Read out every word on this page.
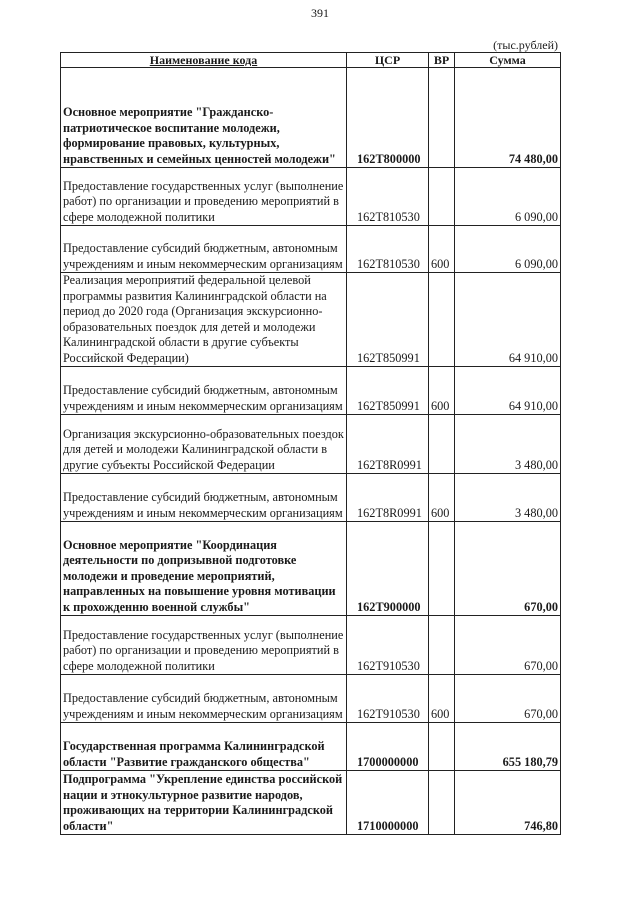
391
(тыс.рублей)
Наименование кода	ЦСР	ВР	Сумма
Основное мероприятие "Гражданско-патриотическое воспитание молодежи, формирование правовых, культурных, нравственных и семейных ценностей молодежи"	162Т800000		74 480,00
Предоставление государственных услуг (выполнение работ) по организации и проведению мероприятий в сфере молодежной политики	162Т810530		6 090,00
Предоставление субсидий бюджетным, автономным учреждениям и иным некоммерческим организациям	162Т810530	600	6 090,00
Реализация мероприятий федеральной целевой программы развития Калининградской области на период до 2020 года (Организация экскурсионно-образовательных поездок для детей и молодежи Калининградской области в другие субъекты Российской Федерации)	162Т850991		64 910,00
Предоставление субсидий бюджетным, автономным учреждениям и иным некоммерческим организациям	162Т850991	600	64 910,00
Организация экскурсионно-образовательных поездок для детей и молодежи Калининградской области в другие субъекты Российской Федерации	162Т8R0991		3 480,00
Предоставление субсидий бюджетным, автономным учреждениям и иным некоммерческим организациям	162Т8R0991	600	3 480,00
Основное мероприятие "Координация деятельности по допризывной подготовке молодежи и проведение мероприятий, направленных на повышение уровня мотивации к прохожденню военной службы"	162Т900000		670,00
Предоставление государственных услуг (выполнение работ) по организации и проведению мероприятий в сфере молодежной политики	162Т910530		670,00
Предоставление субсидий бюджетным, автономным учреждениям и иным некоммерческим организациям	162Т910530	600	670,00
Государственная программа Калининградской области "Развитие гражданского общества"	1700000000		655 180,79
Подпрограмма "Укрепление единства российской нации и этнокультурное развитие народов, проживающих на территории Калининградской области"	1710000000		746,80
